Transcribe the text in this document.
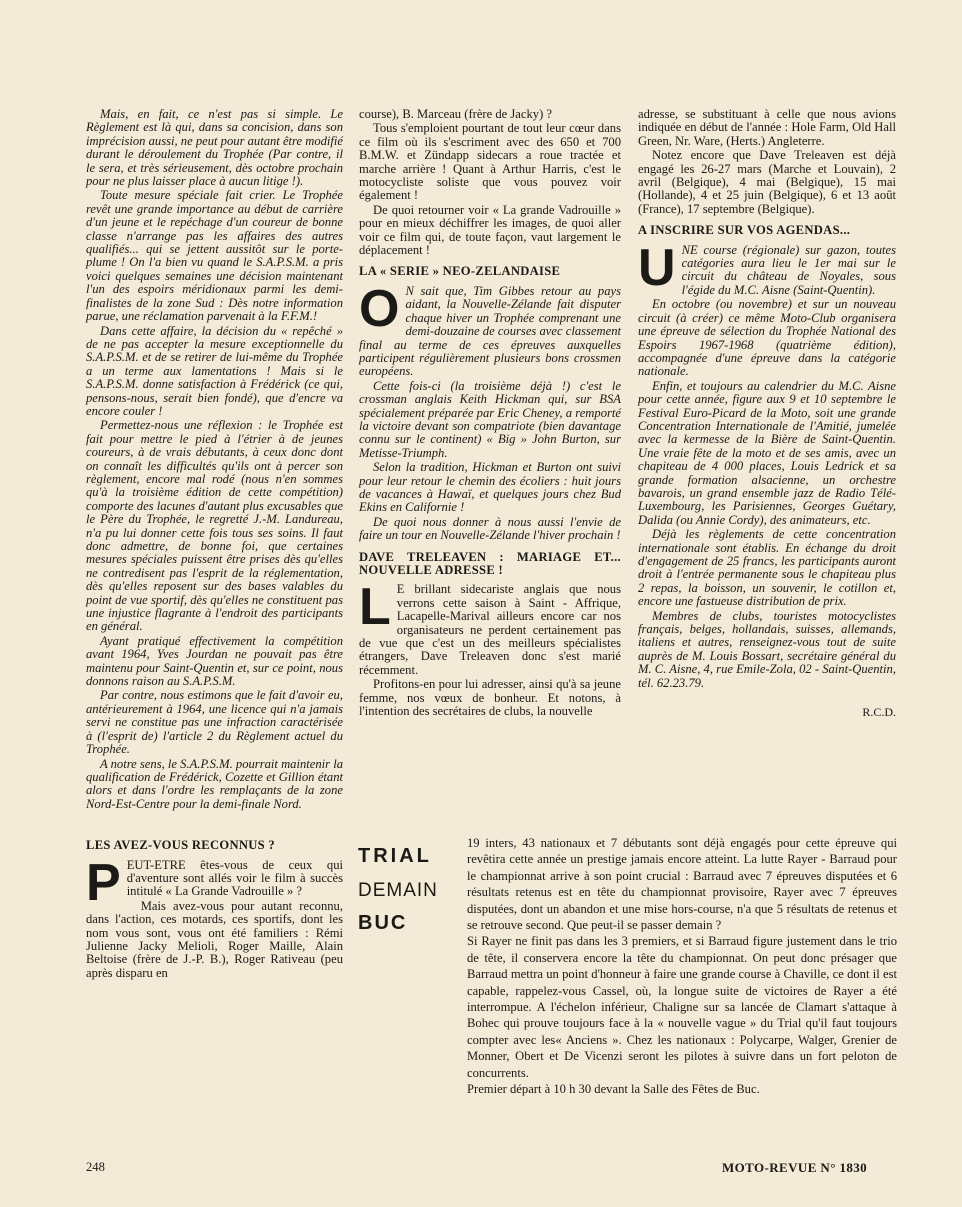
Mais, en fait, ce n'est pas si simple. Le Règlement est là qui, dans sa concision, dans son imprécision aussi, ne peut pour autant être modifié durant le déroulement du Trophée (Par contre, il le sera, et très sérieusement, dès octobre prochain pour ne plus laisser place à aucun litige !).

Toute mesure spéciale fait crier. Le Trophée revêt une grande importance au début de carrière d'un jeune et le repéchage d'un coureur de bonne classe n'arrange pas les affaires des autres qualifiés... qui se jettent aussitôt sur le porte-plume ! On l'a bien vu quand le S.A.P.S.M. a pris voici quelques semaines une décision maintenant l'un des espoirs méridionaux parmi les demi-finalistes de la zone Sud : Dès notre information parue, une réclamation parvenait à la F.F.M.!

Dans cette affaire, la décision du « repêché » de ne pas accepter la mesure exceptionnelle du S.A.P.S.M. et de se retirer de lui-même du Trophée a un terme aux lamentations ! Mais si le S.A.P.S.M. donne satisfaction à Frédérick (ce qui, pensons-nous, serait bien fondé), que d'encre va encore couler !

Permettez-nous une réflexion : le Trophée est fait pour mettre le pied à l'étrier à de jeunes coureurs, à de vrais débutants, à ceux donc dont on connaît les difficultés qu'ils ont à percer son règlement, encore mal rodé (nous n'en sommes qu'à la troisième édition de cette compétition) comporte des lacunes d'autant plus excusables que le Père du Trophée, le regretté J.-M. Landureau, n'a pu lui donner cette fois tous ses soins. Il faut donc admettre, de bonne foi, que certaines mesures spéciales puissent être prises dès qu'elles ne contredisent pas l'esprit de la réglementation, dès qu'elles reposent sur des bases valables du point de vue sportif, dès qu'elles ne constituent pas une injustice flagrante à l'endroit des participants en général.

Ayant pratiqué effectivement la compétition avant 1964, Yves Jourdan ne pouvait pas être maintenu pour Saint-Quentin et, sur ce point, nous donnons raison au S.A.P.S.M.

Par contre, nous estimons que le fait d'avoir eu, antérieurement à 1964, une licence qui n'a jamais servi ne constitue pas une infraction caractérisée à (l'esprit de) l'article 2 du Règlement actuel du Trophée.

A notre sens, le S.A.P.S.M. pourrait maintenir la qualification de Frédérick, Cozette et Gillion étant alors et dans l'ordre les remplaçants de la zone Nord-Est-Centre pour la demi-finale Nord.

LES AVEZ-VOUS RECONNUS ?

PEUT-ETRE êtes-vous de ceux qui d'aventure sont allés voir le film à succès intitulé « La Grande Vadrouille » ?

Mais avez-vous pour autant reconnu, dans l'action, ces motards, ces sportifs, dont les nom vous sont, vous ont été familiers : Rémi Julienne Jacky Melioli, Roger Maille, Alain Beltoise (frère de J.-P. B.), Roger Rativeau (peu après disparu en

course), B. Marceau (frère de Jacky) ?

Tous s'emploient pourtant de tout leur cœur dans ce film où ils s'escriment avec des 650 et 700 B.M.W. et Zündapp sidecars a roue tractée et marche arrière ! Quant à Arthur Harris, c'est le motocycliste soliste que vous pouvez voir également !

De quoi retourner voir « La grande Vadrouille » pour en mieux déchiffrer les images, de quoi aller voir ce film qui, de toute façon, vaut largement le déplacement !

LA « SERIE » NEO-ZELANDAISE

O N sait que, Tim Gibbes retour au pays aidant, la Nouvelle-Zélande fait disputer chaque hiver un Trophée comprenant une demi-douzaine de courses avec classement final au terme de ces épreuves auxquelles participent régulièrement plusieurs bons crossmen européens.

Cette fois-ci (la troisième déjà !) c'est le crossman anglais Keith Hickman qui, sur BSA spécialement préparée par Eric Cheney, a remporté la victoire devant son compatriote (bien davantage connu sur le continent) « Big » John Burton, sur Metisse-Triumph.

Selon la tradition, Hickman et Burton ont suivi pour leur retour le chemin des écoliers : huit jours de vacances à Hawaï, et quelques jours chez Bud Ekins en Californie !

De quoi nous donner à nous aussi l'envie de faire un tour en Nouvelle-Zélande l'hiver prochain !

DAVE TRELEAVEN : MARIAGE ET... NOUVELLE ADRESSE !

L E brillant sidecariste anglais que nous verrons cette saison à Saint - Affrique, Lacapelle-Marival ailleurs encore car nos organisateurs ne perdent certainement pas de vue que c'est un des meilleurs spécialistes étrangers, Dave Treleaven donc s'est marié récemment.

Profitons-en pour lui adresser, ainsi qu'à sa jeune femme, nos vœux de bonheur. Et notons, à l'intention des secrétaires de clubs, la nouvelle

adresse, se substituant à celle que nous avions indiquée en début de l'année : Hole Farm, Old Hall Green, Nr. Ware, (Herts.) Angleterre.

Notez encore que Dave Treleaven est déjà engagé les 26-27 mars (Marche et Louvain), 2 avril (Belgique), 4 mai (Belgique), 15 mai (Hollande), 4 et 25 juin (Belgique), 6 et 13 août (France), 17 septembre (Belgique).

A INSCRIRE SUR VOS AGENDAS...

UNE course (régionale) sur gazon, toutes catégories aura lieu le 1er mai sur le circuit du château de Noyales, sous l'égide du M.C. Aisne (Saint-Quentin).

En octobre (ou novembre) et sur un nouveau circuit (à créer) ce même Moto-Club organisera une épreuve de sélection du Trophée National des Espoirs 1967-1968 (quatrième édition), accompagnée d'une épreuve dans la catégorie nationale.

Enfin, et toujours au calendrier du M.C. Aisne pour cette année, figure aux 9 et 10 septembre le Festival Euro-Picard de la Moto, soit une grande Concentration Internationale de l'Amitié, jumelée avec la kermesse de la Bière de Saint-Quentin. Une vraie fête de la moto et de ses amis, avec un chapiteau de 4 000 places, Louis Ledrick et sa grande formation alsacienne, un orchestre bavarois, un grand ensemble jazz de Radio Télé-Luxembourg, les Parisiennes, Georges Guétary, Dalida (ou Annie Cordy), des animateurs, etc.

Déjà les règlements de cette concentration internationale sont établis. En échange du droit d'engagement de 25 francs, les participants auront droit à l'entrée permanente sous le chapiteau plus 2 repas, la boisson, un souvenir, le cotillon et, encore une fastueuse distribution de prix.

Membres de clubs, touristes motocyclistes français, belges, hollandais, suisses, allemands, italiens et autres, renseignez-vous tout de suite auprès de M. Louis Bossart, secrétaire général du M. C. Aisne, 4, rue Emile-Zola, 02 - Saint-Quentin, tél. 62.23.79.

R.C.D.
TRIAL
DEMAIN
BUC

19 inters, 43 nationaux et 7 débutants sont déjà engagés pour cette épreuve qui revêtira cette année un prestige jamais encore atteint. La lutte Rayer - Barraud pour le championnat arrive à son point crucial : Barraud avec 7 épreuves disputées et 6 résultats retenus est en tête du championnat provisoire, Rayer avec 7 épreuves disputées, dont un abandon et une mise hors-course, n'a que 5 résultats de retenus et se retrouve second. Que peut-il se passer demain ?

Si Rayer ne finit pas dans les 3 premiers, et si Barraud figure justement dans le trio de tête, il conservera encore la tête du championnat. On peut donc présager que Barraud mettra un point d'honneur à faire une grande course à Chaville, ce dont il est capable, rappelez-vous Cassel, où, la longue suite de victoires de Rayer a été interrompue. A l'échelon inférieur, Chaligne sur sa lancée de Clamart s'attaque à Bohec qui prouve toujours face à la « nouvelle vague » du Trial qu'il faut toujours compter avec les« Anciens ». Chez les nationaux : Polycarpe, Walger, Grenier de Monner, Obert et De Vicenzi seront les pilotes à suivre dans un fort peloton de concurrents.

Premier départ à 10 h 30 devant la Salle des Fêtes de Buc.

248	MOTO-REVUE N° 1830
